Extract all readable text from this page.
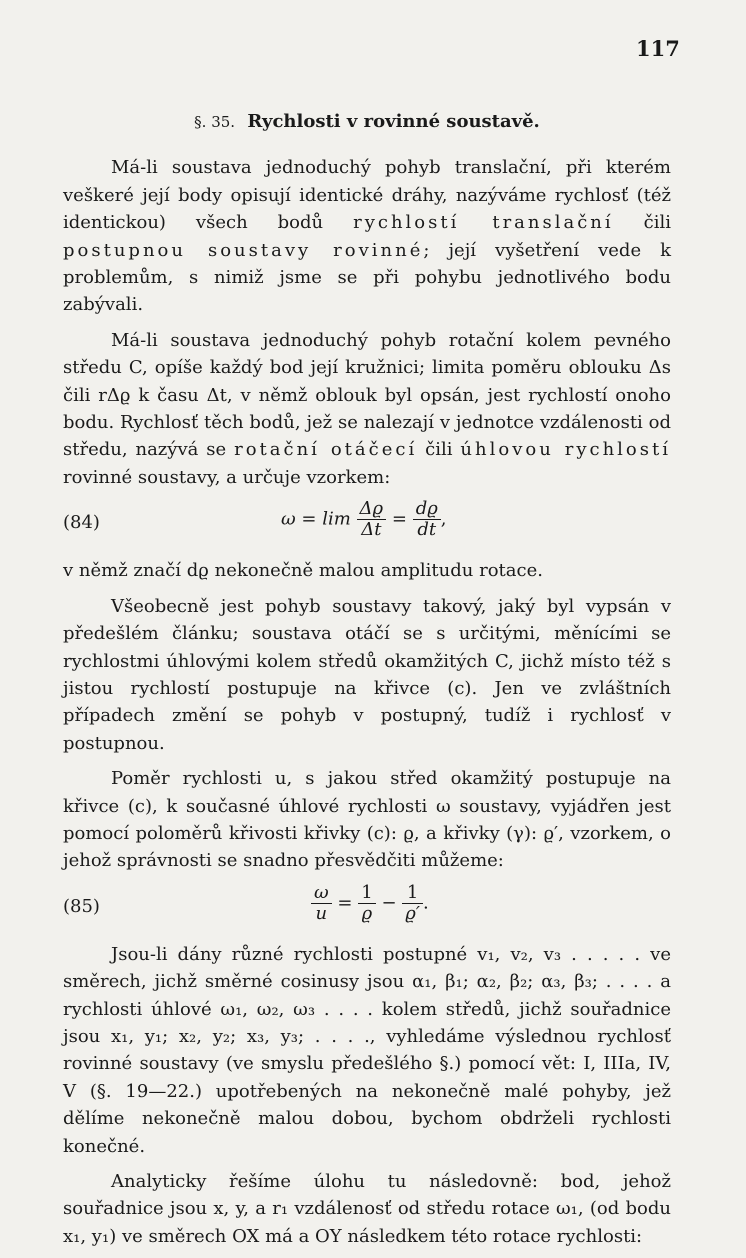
117
§. 35. Rychlosti v rovinné soustavě.

Má-li soustava jednoduchý pohyb translační, při kterém veškeré její body opisují identické dráhy, nazýváme rychlosť (též identickou) všech bodů rychlostí translační čili postupnou soustavy rovinné; její vyšetření vede k problemům, s nimiž jsme se při pohybu jednotlivého bodu zabývali.

Má-li soustava jednoduchý pohyb rotační kolem pevného středu C, opíše každý bod její kružnici; limita poměru oblouku Δs čili rΔϱ k času Δt, v němž oblouk byl opsán, jest rychlostí onoho bodu. Rychlosť těch bodů, jež se nalezají v jednotce vzdálenosti od středu, nazývá se rotační otáčecí čili úhlovou rychlostí rovinné soustavy, a určuje vzorkem:

(84)	$\omega = \lim \frac{\Delta ϱ}{\Delta t} = \frac{dϱ}{dt}$ ,

v němž značí dϱ nekonečně malou amplitudu rotace.

Všeobecně jest pohyb soustavy takový, jaký byl vypsán v předešlém článku; soustava otáčí se s určitými, měnícími se rychlostmi úhlovými kolem středů okamžitých C, jichž místo též s jistou rychlostí postupuje na křivce (c). Jen ve zvláštních případech změní se pohyb v postupný, tudíž i rychlosť v postupnou.

Poměr rychlosti u, s jakou střed okamžitý postupuje na křivce (c), k současné úhlové rychlosti ω soustavy, vyjádřen jest pomocí poloměrů křivosti křivky (c): ϱ, a křivky (γ): ϱ′, vzorkem, o jehož správnosti se snadno přesvědčiti můžeme:

(85)	$\frac{\omega}{u} = \frac{1}{ϱ} - \frac{1}{ϱ'}$ .

Jsou-li dány různé rychlosti postupné v₁, v₂, v₃ . . . . . ve směrech, jichž směrné cosinusy jsou α₁, β₁; α₂, β₂; α₃, β₃; . . . . a rychlosti úhlové ω₁, ω₂, ω₃ . . . . kolem středů, jichž souřadnice jsou x₁, y₁; x₂, y₂; x₃, y₃; . . . ., vyhledáme výslednou rychlosť rovinné soustavy (ve smyslu předešlého §.) pomocí vět: I, IIIa, IV, V (§. 19—22.) upotřebených na nekonečně malé pohyby, jež dělíme nekonečně malou dobou, bychom obdrželi rychlosti konečné.

Analyticky řešíme úlohu tu následovně: bod, jehož souřadnice jsou x, y, a r₁ vzdálenosť od středu rotace ω₁, (od bodu x₁, y₁) ve směrech OX má a OY následkem této rotace rychlosti:
